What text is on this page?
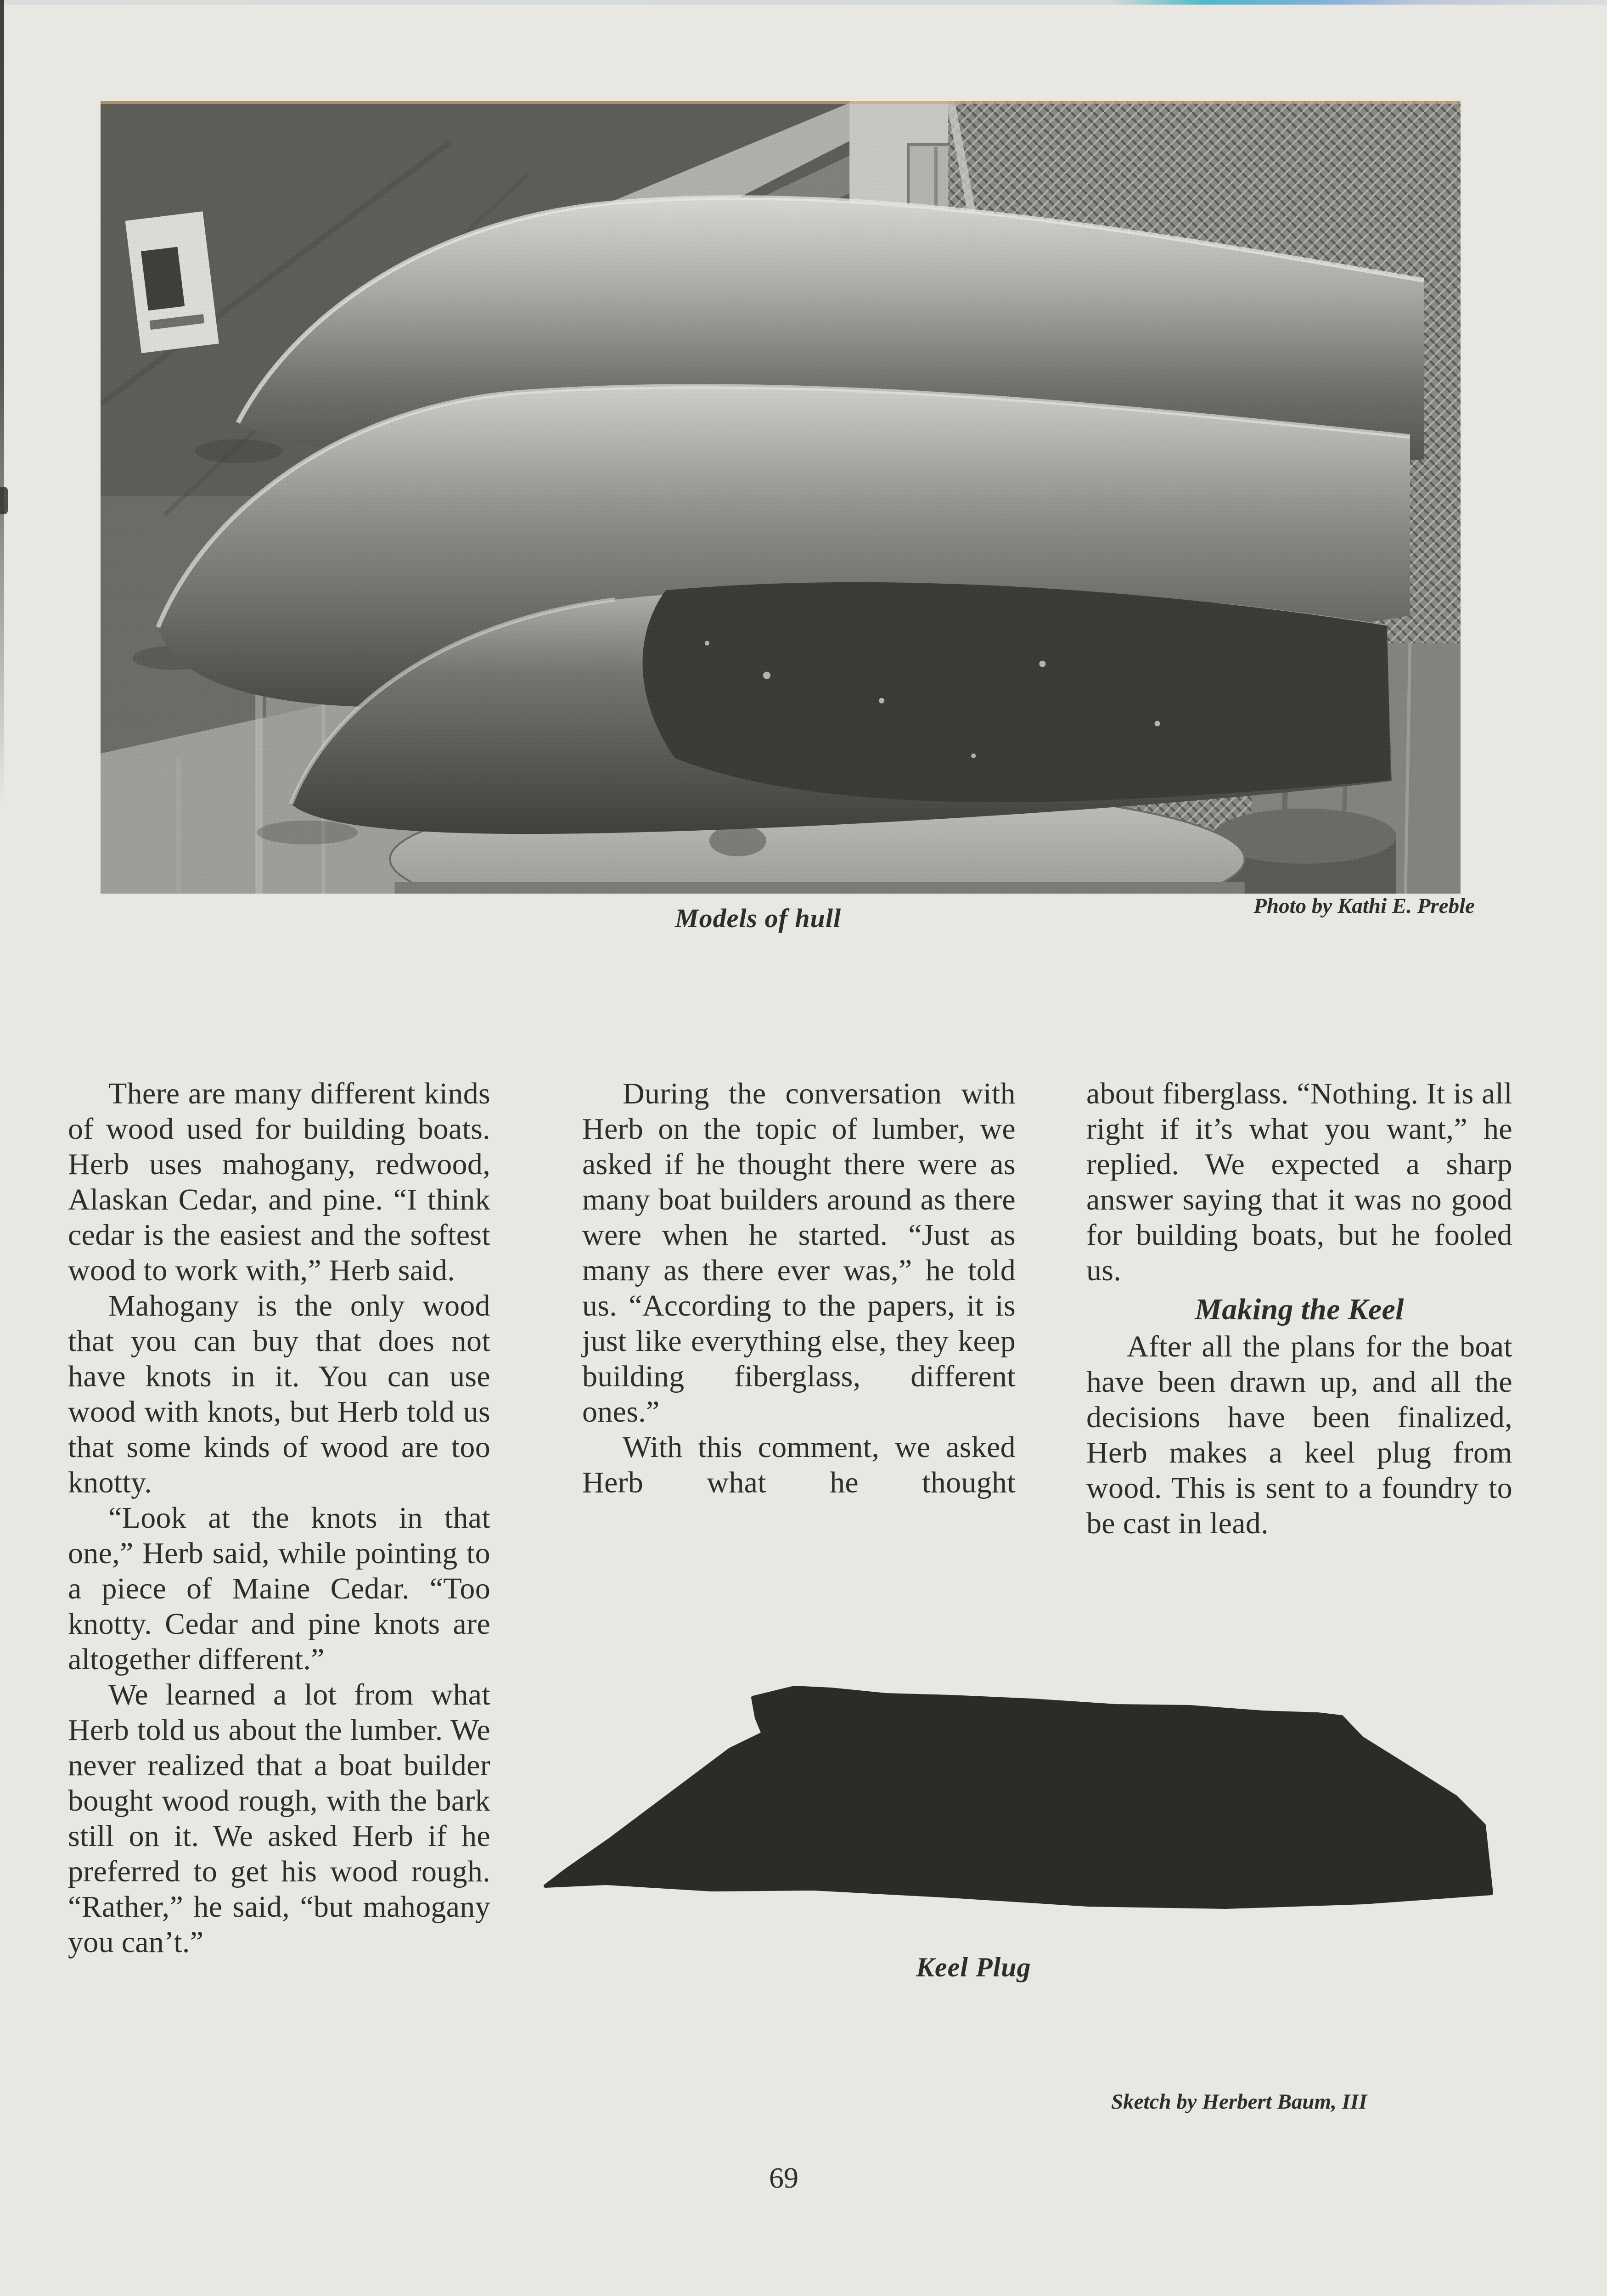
Models of hull	Photo by Kathi E. Preble

There are many different kinds of wood used for building boats. Herb uses mahogany, redwood, Alaskan Cedar, and pine. “I think cedar is the easiest and the softest wood to work with,” Herb said.

Mahogany is the only wood that you can buy that does not have knots in it. You can use wood with knots, but Herb told us that some kinds of wood are too knotty.

“Look at the knots in that one,” Herb said, while pointing to a piece of Maine Cedar. “Too knotty. Cedar and pine knots are altogether different.”

We learned a lot from what Herb told us about the lumber. We never realized that a boat builder bought wood rough, with the bark still on it. We asked Herb if he preferred to get his wood rough. “Rather,” he said, “but mahogany you can’t.”

During the conversation with Herb on the topic of lumber, we asked if he thought there were as many boat builders around as there were when he started. “Just as many as there ever was,” he told us. “According to the papers, it is just like everything else, they keep building fiberglass, different ones.”

With this comment, we asked Herb what he thought

about fiberglass. “Nothing. It is all right if it’s what you want,” he replied. We expected a sharp answer saying that it was no good for building boats, but he fooled us.

Making the Keel

After all the plans for the boat have been drawn up, and all the decisions have been finalized, Herb makes a keel plug from wood. This is sent to a foundry to be cast in lead.

Keel Plug
Sketch by Herbert Baum, III
69
